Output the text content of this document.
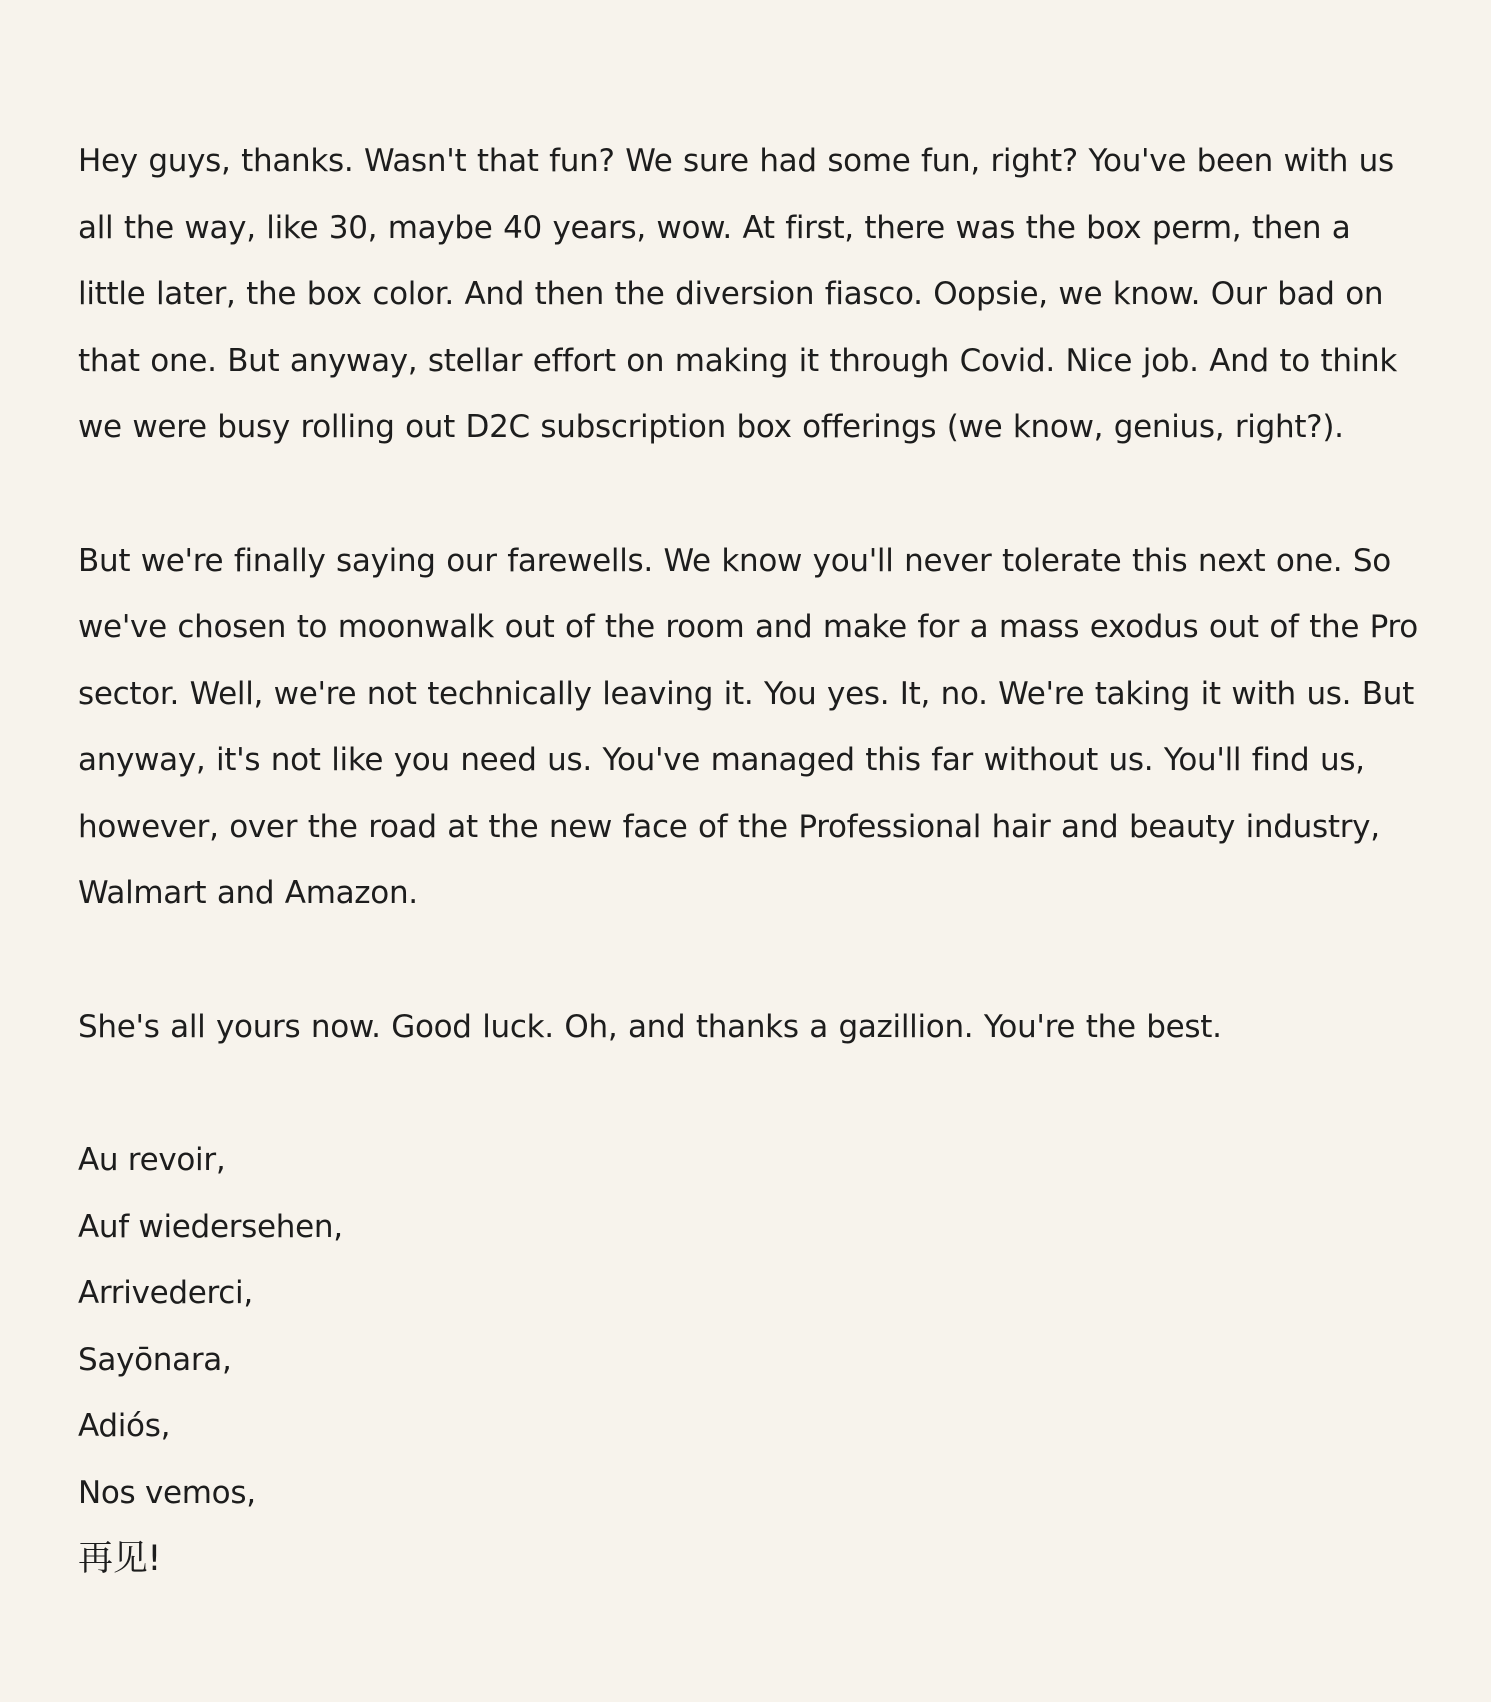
Hey guys, thanks. Wasn't that fun? We sure had some fun, right? You've been with us all the way, like 30, maybe 40 years, wow. At first, there was the box perm, then a little later, the box color. And then the diversion fiasco. Oopsie, we know. Our bad on that one. But anyway, stellar effort on making it through Covid. Nice job. And to think we were busy rolling out D2C subscription box offerings (we know, genius, right?).

But we're finally saying our farewells. We know you'll never tolerate this next one. So we've chosen to moonwalk out of the room and make for a mass exodus out of the Pro sector. Well, we're not technically leaving it. You yes. It, no. We're taking it with us. But anyway, it's not like you need us. You've managed this far without us. You'll find us, however, over the road at the new face of the Professional hair and beauty industry, Walmart and Amazon.

She's all yours now. Good luck. Oh, and thanks a gazillion. You're the best.

Au revoir,
Auf wiedersehen,
Arrivederci,
Sayōnara,
Adiós,
Nos vemos,
再见!
